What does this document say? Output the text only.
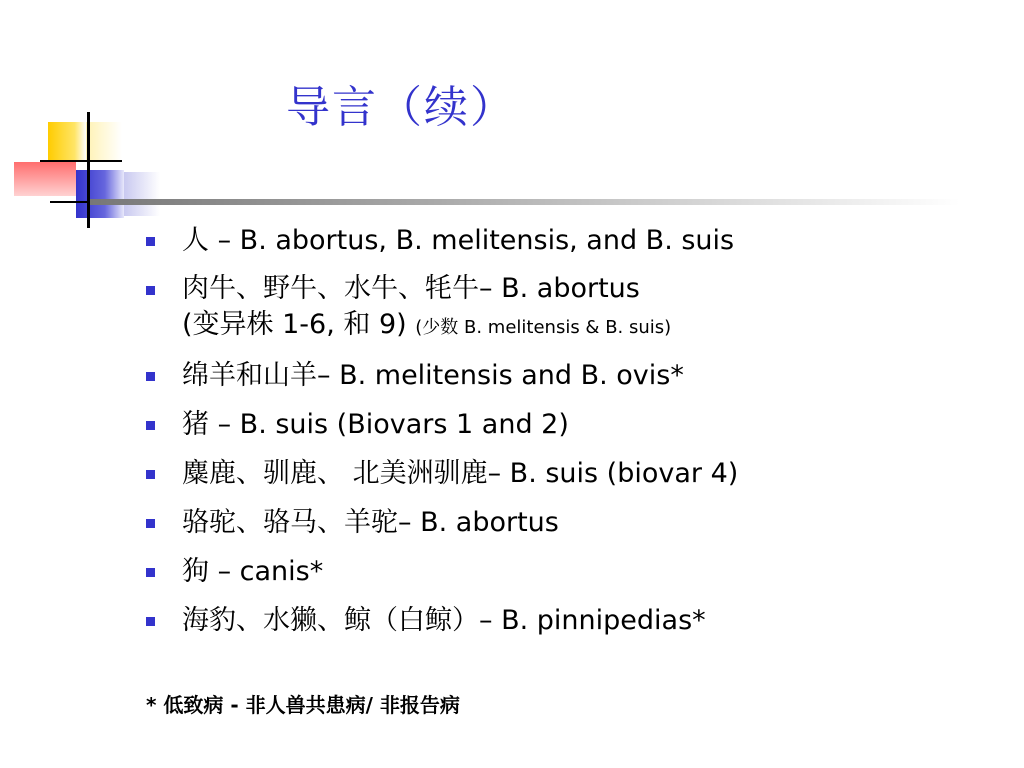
导言（续）
人 – B. abortus, B. melitensis, and B. suis
肉牛、野牛、水牛、牦牛– B. abortus
(变异株 1-6, 和 9) (少数 B. melitensis & B. suis)
绵羊和山羊– B. melitensis and B. ovis*
猪 – B. suis (Biovars 1 and 2)
麋鹿、驯鹿、 北美洲驯鹿– B. suis (biovar 4)
骆驼、骆马、羊驼– B. abortus
狗 – canis*
海豹、水獭、鲸（白鲸）– B. pinnipedias*
* 低致病 - 非人兽共患病/ 非报告病
